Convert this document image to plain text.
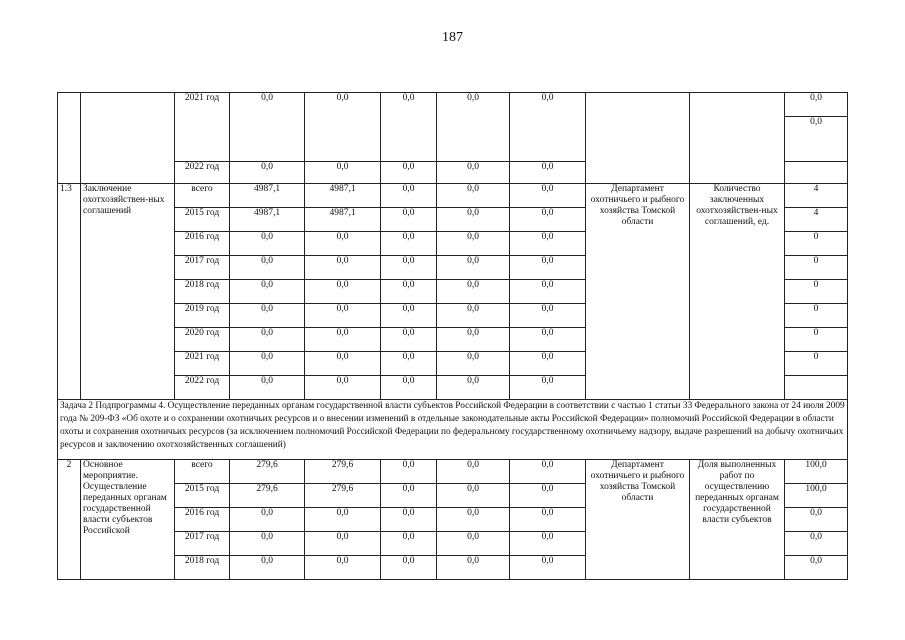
187
		2021 год	0,0	0,0	0,0	0,0	0,0			0,0
										0,0
		2022 год	0,0	0,0	0,0	0,0	0,0			
1.3	Заключение охотхозяйствен-ных соглашений	всего	4987,1	4987,1	0,0	0,0	0,0	Департамент охотничьего и рыбного хозяйства Томской области	Количество заключенных охотхозяйствен-ных соглашений, ед.	4
		2015 год	4987,1	4987,1	0,0	0,0	0,0			4
		2016 год	0,0	0,0	0,0	0,0	0,0			0
		2017 год	0,0	0,0	0,0	0,0	0,0			0
		2018 год	0,0	0,0	0,0	0,0	0,0			0
		2019 год	0,0	0,0	0,0	0,0	0,0			0
		2020 год	0,0	0,0	0,0	0,0	0,0			0
		2021 год	0,0	0,0	0,0	0,0	0,0			0
		2022 год	0,0	0,0	0,0	0,0	0,0			
Задача 2 Подпрограммы 4. Осуществление переданных органам государственной власти субъектов Российской Федерации в соответствии с частью 1 статьи 33 Федерального закона от 24 июля 2009 года № 209-ФЗ «Об охоте и о сохранении охотничьих ресурсов и о внесении изменений в отдельные законодательные акты Российской Федерации» полномочий Российской Федерации в области охоты и сохранения охотничьих ресурсов (за исключением полномочий Российской Федерации по федеральному государственному охотничьему надзору, выдаче разрешений на добычу охотничьих ресурсов и заключению охотхозяйственных соглашений)										
2	Основное мероприятие. Осуществление переданных органам государственной власти субъектов Российской	всего	279,6	279,6	0,0	0,0	0,0	Департамент охотничьего и рыбного хозяйства Томской области	Доля выполненных работ по осуществлению переданных органам государственной власти субъектов	100,0
		2015 год	279,6	279,6	0,0	0,0	0,0			100,0
		2016 год	0,0	0,0	0,0	0,0	0,0			0,0
		2017 год	0,0	0,0	0,0	0,0	0,0			0,0
		2018 год	0,0	0,0	0,0	0,0	0,0			0,0
